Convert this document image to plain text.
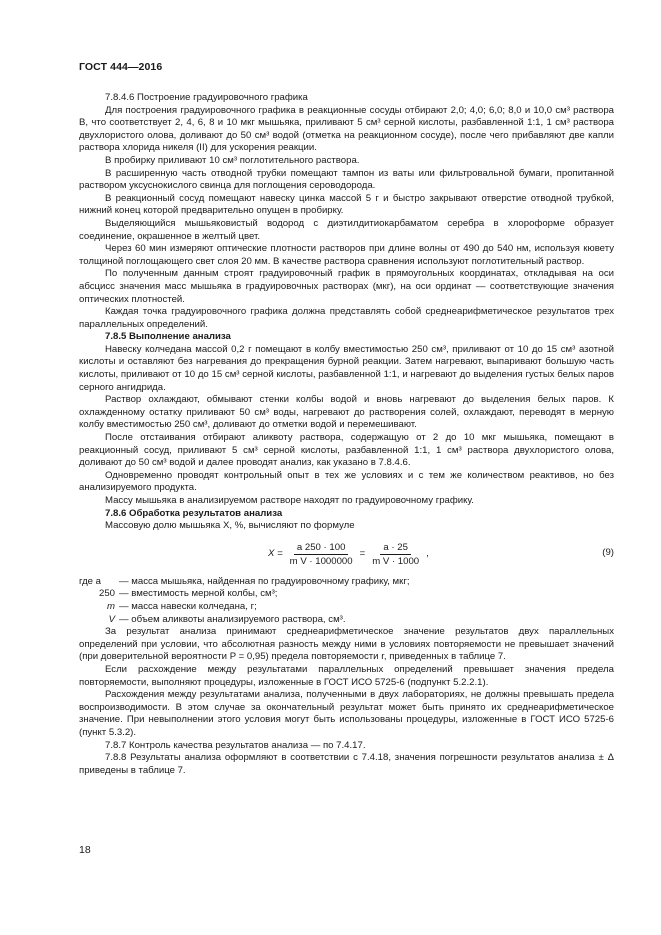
ГОСТ 444—2016

7.8.4.6 Построение градуировочного графика

Для построения градуировочного графика в реакционные сосуды отбирают 2,0; 4,0; 6,0; 8,0 и 10,0 см³ раствора В, что соответствует 2, 4, 6, 8 и 10 мкг мышьяка, приливают 5 см³ серной кислоты, разбавленной 1:1, 1 см³ раствора двухлористого олова, доливают до 50 см³ водой (отметка на реакционном сосуде), после чего прибавляют две капли раствора хлорида никеля (II) для ускорения реакции.

В пробирку приливают 10 см³ поглотительного раствора.

В расширенную часть отводной трубки помещают тампон из ваты или фильтровальной бумаги, пропитанной раствором уксуснокислого свинца для поглощения сероводорода.

В реакционный сосуд помещают навеску цинка массой 5 г и быстро закрывают отверстие отводной трубкой, нижний конец которой предварительно опущен в пробирку.

Выделяющийся мышьяковистый водород с диэтилдитиокарбаматом серебра в хлороформе образует соединение, окрашенное в желтый цвет.

Через 60 мин измеряют оптические плотности растворов при длине волны от 490 до 540 нм, используя кювету толщиной поглощающего свет слоя 20 мм. В качестве раствора сравнения используют поглотительный раствор.

По полученным данным строят градуировочный график в прямоугольных координатах, откладывая на оси абсцисс значения масс мышьяка в градуировочных растворах (мкг), на оси ординат — соответствующие значения оптических плотностей.

Каждая точка градуировочного графика должна представлять собой среднеарифметическое результатов трех параллельных определений.

7.8.5 Выполнение анализа

Навеску колчедана массой 0,2 г помещают в колбу вместимостью 250 см³, приливают от 10 до 15 см³ азотной кислоты и оставляют без нагревания до прекращения бурной реакции. Затем нагревают, выпаривают большую часть кислоты, приливают от 10 до 15 см³ серной кислоты, разбавленной 1:1, и нагревают до выделения густых белых паров серного ангидрида.

Раствор охлаждают, обмывают стенки колбы водой и вновь нагревают до выделения белых паров. К охлажденному остатку приливают 50 см³ воды, нагревают до растворения солей, охлаждают, переводят в мерную колбу вместимостью 250 см³, доливают до отметки водой и перемешивают.

После отстаивания отбирают аликвоту раствора, содержащую от 2 до 10 мкг мышьяка, помещают в реакционный сосуд, приливают 5 см³ серной кислоты, разбавленной 1:1, 1 см³ раствора двухлористого олова, доливают до 50 см³ водой и далее проводят анализ, как указано в 7.8.4.6.

Одновременно проводят контрольный опыт в тех же условиях и с тем же количеством реактивов, но без анализируемого продукта.

Массу мышьяка в анализируемом растворе находят по градуировочному графику.

7.8.6 Обработка результатов анализа

Массовую долю мышьяка X, %, вычисляют по формуле

$X = \frac{a 250 \cdot 100}{\text{m V · 1000000}} = \frac{a \cdot 25}{\text{m V · 1000}}$ ,	(9)

где a — масса мышьяка, найденная по градуировочному графику, мкг;

250 — вместимость мерной колбы, см³;

m — масса навески колчедана, г;

V — объем аликвоты анализируемого раствора, см³.

За результат анализа принимают среднеарифметическое значение результатов двух параллельных определений при условии, что абсолютная разность между ними в условиях повторяемости не превышает значений (при доверительной вероятности P = 0,95) предела повторяемости r, приведенных в таблице 7.

Если расхождение между результатами параллельных определений превышает значения предела повторяемости, выполняют процедуры, изложенные в ГОСТ ИСО 5725-6 (подпункт 5.2.2.1).

Расхождения между результатами анализа, полученными в двух лабораториях, не должны превышать предела воспроизводимости. В этом случае за окончательный результат может быть принято их среднеарифметическое значение. При невыполнении этого условия могут быть использованы процедуры, изложенные в ГОСТ ИСО 5725-6 (пункт 5.3.2).

7.8.7 Контроль качества результатов анализа — по 7.4.17.

7.8.8 Результаты анализа оформляют в соответствии с 7.4.18, значения погрешности результатов анализа ± Δ приведены в таблице 7.

18
